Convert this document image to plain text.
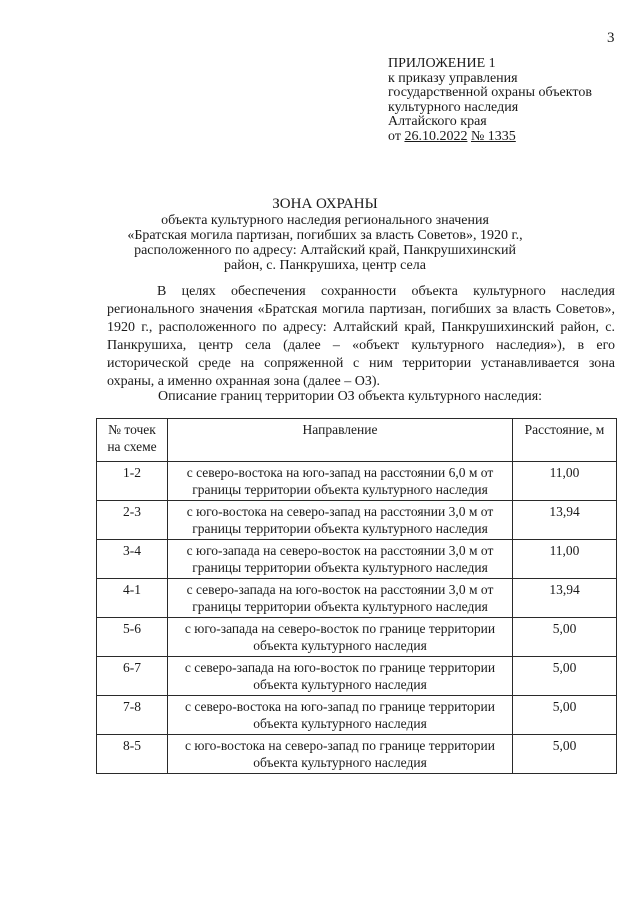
3
ПРИЛОЖЕНИЕ 1
к приказу управления
государственной охраны объектов
культурного наследия
Алтайского края
от 26.10.2022 № 1335
ЗОНА ОХРАНЫ
объекта культурного наследия регионального значения
«Братская могила партизан, погибших за власть Советов», 1920 г.,
расположенного по адресу: Алтайский край, Панкрушихинский
район, с. Панкрушиха, центр села

В целях обеспечения сохранности объекта культурного наследия регионального значения «Братская могила партизан, погибших за власть Советов», 1920 г., расположенного по адресу: Алтайский край, Панкрушихинский район, с. Панкрушиха, центр села (далее – «объект культурного наследия»), в его исторической среде на сопряженной с ним территории устанавливается зона охраны, а именно охранная зона (далее – ОЗ).

Описание границ территории ОЗ объекта культурного наследия:
№ точек на схеме	Направление	Расстояние, м
1-2	с северо-востока на юго-запад на расстоянии 6,0 м от границы территории объекта культурного наследия	11,00
2-3	с юго-востока на северо-запад на расстоянии 3,0 м от границы территории объекта культурного наследия	13,94
3-4	с юго-запада на северо-восток на расстоянии 3,0 м от границы территории объекта культурного наследия	11,00
4-1	с северо-запада на юго-восток на расстоянии 3,0 м от границы территории объекта культурного наследия	13,94
5-6	с юго-запада на северо-восток по границе территории объекта культурного наследия	5,00
6-7	с северо-запада на юго-восток по границе территории объекта культурного наследия	5,00
7-8	с северо-востока на юго-запад по границе территории объекта культурного наследия	5,00
8-5	с юго-востока на северо-запад по границе территории объекта культурного наследия	5,00
